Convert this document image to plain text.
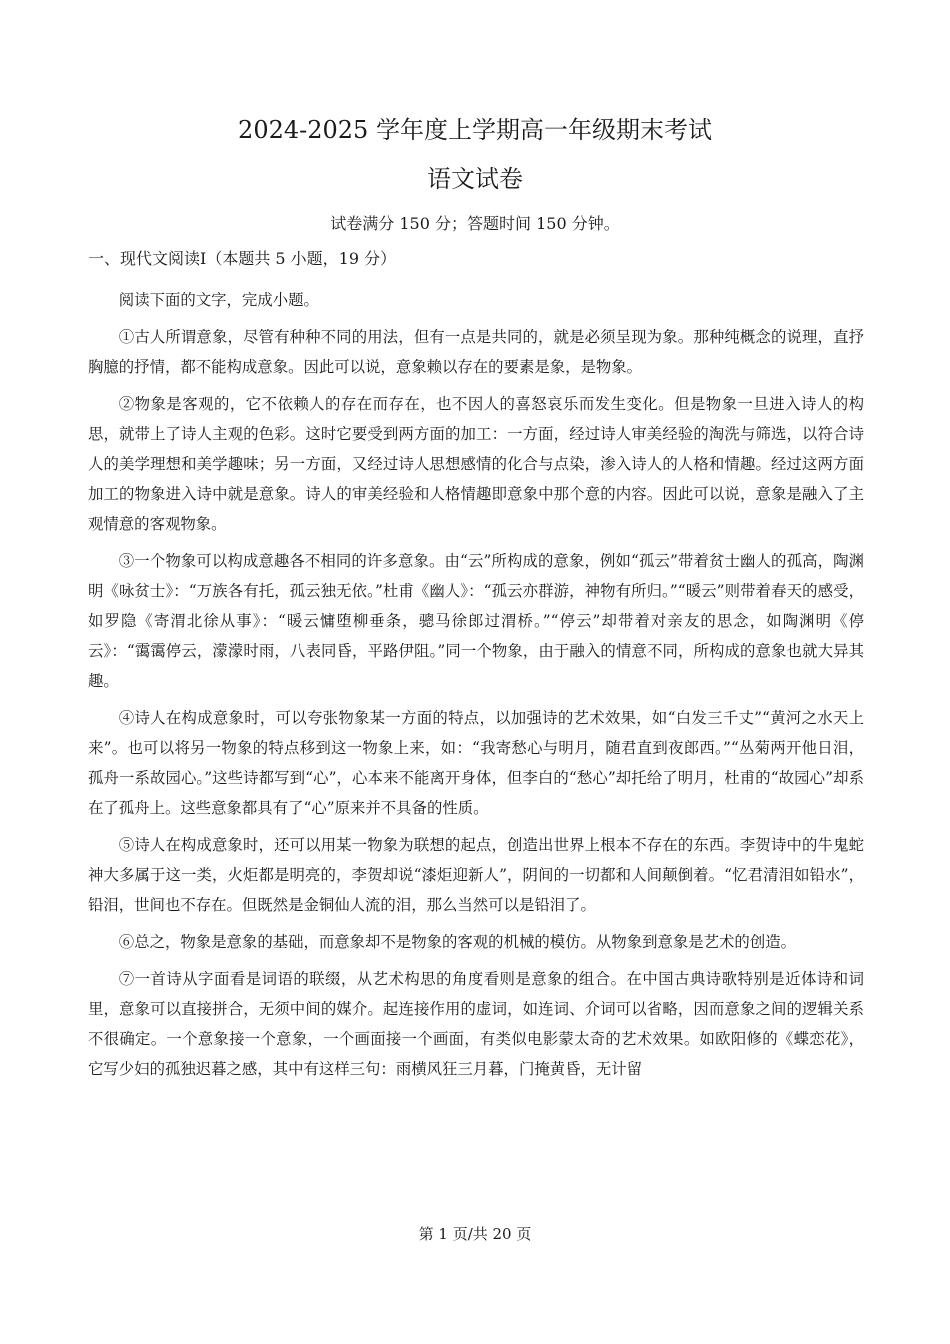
2024-2025 学年度上学期高一年级期末考试
语文试卷
试卷满分 150 分；答题时间 150 分钟。
一、现代文阅读Ⅰ（本题共 5 小题，19 分）

阅读下面的文字，完成小题。

①古人所谓意象，尽管有种种不同的用法，但有一点是共同的，就是必须呈现为象。那种纯概念的说理，直抒胸臆的抒情，都不能构成意象。因此可以说，意象赖以存在的要素是象，是物象。

②物象是客观的，它不依赖人的存在而存在，也不因人的喜怒哀乐而发生变化。但是物象一旦进入诗人的构思，就带上了诗人主观的色彩。这时它要受到两方面的加工：一方面，经过诗人审美经验的淘洗与筛选，以符合诗人的美学理想和美学趣味；另一方面，又经过诗人思想感情的化合与点染，渗入诗人的人格和情趣。经过这两方面加工的物象进入诗中就是意象。诗人的审美经验和人格情趣即意象中那个意的内容。因此可以说，意象是融入了主观情意的客观物象。

③一个物象可以构成意趣各不相同的许多意象。由“云”所构成的意象，例如“孤云”带着贫士幽人的孤高，陶渊明《咏贫士》：“万族各有托，孤云独无依。”杜甫《幽人》：“孤云亦群游，神物有所归。”“暖云”则带着春天的感受，如罗隐《寄渭北徐从事》：“暖云慵堕柳垂条，骢马徐郎过渭桥。”“停云”却带着对亲友的思念，如陶渊明《停云》：“霭霭停云，濛濛时雨，八表同昏，平路伊阻。”同一个物象，由于融入的情意不同，所构成的意象也就大异其趣。

④诗人在构成意象时，可以夸张物象某一方面的特点，以加强诗的艺术效果，如“白发三千丈”“黄河之水天上来”。也可以将另一物象的特点移到这一物象上来，如：“我寄愁心与明月，随君直到夜郎西。”“丛菊两开他日泪，孤舟一系故园心。”这些诗都写到“心”，心本来不能离开身体，但李白的“愁心”却托给了明月，杜甫的“故园心”却系在了孤舟上。这些意象都具有了“心”原来并不具备的性质。

⑤诗人在构成意象时，还可以用某一物象为联想的起点，创造出世界上根本不存在的东西。李贺诗中的牛鬼蛇神大多属于这一类，火炬都是明亮的，李贺却说“漆炬迎新人”，阴间的一切都和人间颠倒着。“忆君清泪如铅水”，铅泪，世间也不存在。但既然是金铜仙人流的泪，那么当然可以是铅泪了。

⑥总之，物象是意象的基础，而意象却不是物象的客观的机械的模仿。从物象到意象是艺术的创造。

⑦一首诗从字面看是词语的联缀，从艺术构思的角度看则是意象的组合。在中国古典诗歌特别是近体诗和词里，意象可以直接拼合，无须中间的媒介。起连接作用的虚词，如连词、介词可以省略，因而意象之间的逻辑关系不很确定。一个意象接一个意象，一个画面接一个画面，有类似电影蒙太奇的艺术效果。如欧阳修的《蝶恋花》，它写少妇的孤独迟暮之感，其中有这样三句：雨横风狂三月暮，门掩黄昏，无计留

第 1 页/共 20 页
